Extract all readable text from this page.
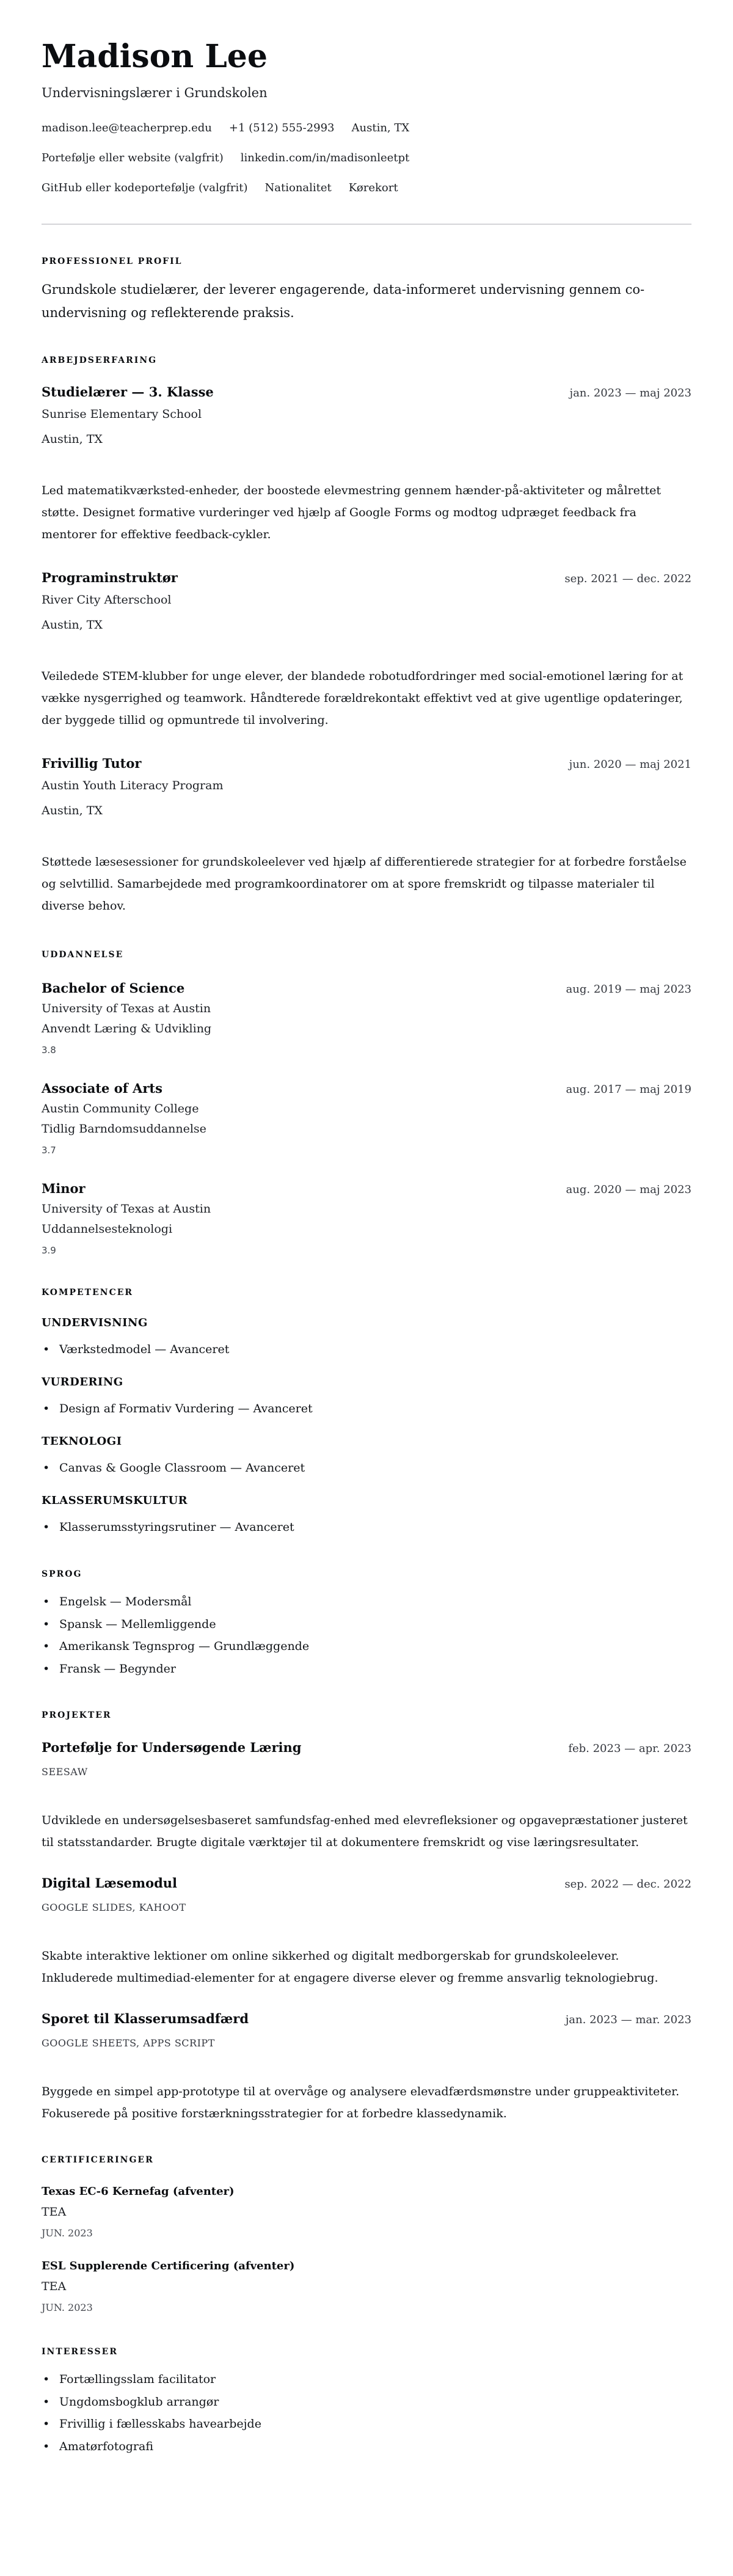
Madison Lee
Undervisningslærer i Grundskolen
madison.lee@teacherprep.edu +1 (512) 555-2993 Austin, TX
Portefølje eller website (valgfrit) linkedin.com/in/madisonleetpt
GitHub eller kodeportefølje (valgfrit) Nationalitet Kørekort
PROFESSIONEL PROFIL

Grundskole studielærer, der leverer engagerende, data-informeret undervisning gennem co-undervisning og reflekterende praksis.

ARBEJDSERFARING
Studielærer — 3. Klasse	jan. 2023 — maj 2023
Sunrise Elementary School
Austin, TX

Led matematikværksted-enheder, der boostede elevmestring gennem hænder-på-aktiviteter og målrettet støtte. Designet formative vurderinger ved hjælp af Google Forms og modtog udpræget feedback fra mentorer for effektive feedback-cykler.

Programinstruktør	sep. 2021 — dec. 2022
River City Afterschool
Austin, TX

Veiledede STEM-klubber for unge elever, der blandede robotudfordringer med social-emotionel læring for at vække nysgerrighed og teamwork. Håndterede forældrekontakt effektivt ved at give ugentlige opdateringer, der byggede tillid og opmuntrede til involvering.

Frivillig Tutor	jun. 2020 — maj 2021
Austin Youth Literacy Program
Austin, TX

Støttede læsesessioner for grundskoleelever ved hjælp af differentierede strategier for at forbedre forståelse og selvtillid. Samarbejdede med programkoordinatorer om at spore fremskridt og tilpasse materialer til diverse behov.

UDDANNELSE
Bachelor of Science	aug. 2019 — maj 2023
University of Texas at Austin
Anvendt Læring & Udvikling
3.8
Associate of Arts	aug. 2017 — maj 2019
Austin Community College
Tidlig Barndomsuddannelse
3.7
Minor	aug. 2020 — maj 2023
University of Texas at Austin
Uddannelsesteknologi
3.9
KOMPETENCER
UNDERVISNING
• Værkstedmodel — Avanceret
VURDERING
• Design af Formativ Vurdering — Avanceret
TEKNOLOGI
• Canvas & Google Classroom — Avanceret
KLASSERUMSKULTUR
• Klasserumsstyringsrutiner — Avanceret
SPROG
• Engelsk — Modersmål
• Spansk — Mellemliggende
• Amerikansk Tegnsprog — Grundlæggende
• Fransk — Begynder
PROJEKTER
Portefølje for Undersøgende Læring	feb. 2023 — apr. 2023
SEESAW

Udviklede en undersøgelsesbaseret samfundsfag-enhed med elevrefleksioner og opgavepræstationer justeret til statsstandarder. Brugte digitale værktøjer til at dokumentere fremskridt og vise læringsresultater.

Digital Læsemodul	sep. 2022 — dec. 2022
GOOGLE SLIDES, KAHOOT

Skabte interaktive lektioner om online sikkerhed og digitalt medborgerskab for grundskoleelever. Inkluderede multimediad-elementer for at engagere diverse elever og fremme ansvarlig teknologiebrug.

Sporet til Klasserumsadfærd	jan. 2023 — mar. 2023
GOOGLE SHEETS, APPS SCRIPT

Byggede en simpel app-prototype til at overvåge og analysere elevadfærdsmønstre under gruppeaktiviteter. Fokuserede på positive forstærkningsstrategier for at forbedre klassedynamik.

CERTIFICERINGER
Texas EC-6 Kernefag (afventer)
TEA
JUN. 2023
ESL Supplerende Certificering (afventer)
TEA
JUN. 2023
INTERESSER
• Fortællingsslam facilitator
• Ungdomsbogklub arrangør
• Frivillig i fællesskabs havearbejde
• Amatørfotografi
